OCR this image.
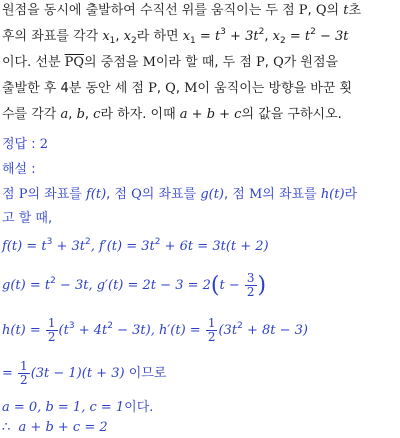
원점을 동시에 출발하여 수직선 위를 움직이는 두 점 P, Q의 t초
후의 좌표를 각각 $x_1$, $x_2$라 하면 $x_1 = t^3 + 3t^2$, $x_2 = t^2 - 3t$
이다. 선분 $\overline{PQ}$의 중점을 M이라 할 때, 두 점 P, Q가 원점을
출발한 후 4분 동안 세 점 P, Q, M이 움직이는 방향을 바꾼 횟
수를 각각 a, b, c라 하자. 이때 a + b + c의 값을 구하시오.
정답 : 2
해설 :
점 P의 좌표를 f(t), 점 Q의 좌표를 g(t), 점 M의 좌표를 h(t)라
고 할 때,
$f(t) = t^3 + 3t^2$, $f'(t) = 3t^2 + 6t = 3t(t + 2)$
$g(t) = t^2 - 3t$, $g'(t) = 2t - 3 = 2(t - \frac{3}{2}$ )
$h(t) = \frac{1}{2} (t^3 + 4t^2 - 3t)$, $h'(t) = \frac{1}{2} (3t^2 + 8t - 3)$
= $\frac{1}{2} (3t - 1)(t + 3)$ 이므로
a = 0, b = 1, c = 1이다.
∴ a + b + c = 2
